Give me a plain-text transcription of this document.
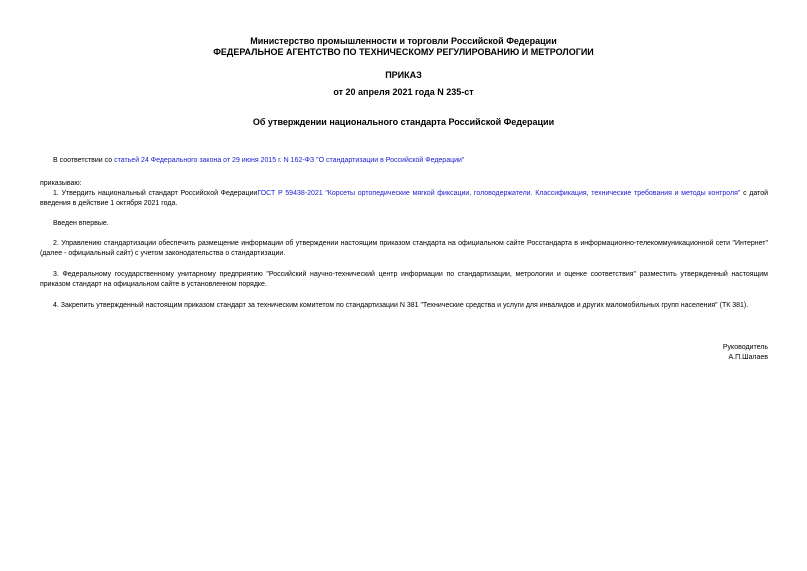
Министерство промышленности и торговли Российской Федерации
ФЕДЕРАЛЬНОЕ АГЕНТСТВО ПО ТЕХНИЧЕСКОМУ РЕГУЛИРОВАНИЮ И МЕТРОЛОГИИ
ПРИКАЗ
от 20 апреля 2021 года N 235-ст
Об утверждении национального стандарта Российской Федерации
В соответствии со статьей 24 Федерального закона от 29 июня 2015 г. N 162-ФЗ "О стандартизации в Российской Федерации"
приказываю:
1. Утвердить национальный стандарт Российской ФедерацииГОСТ Р 59438-2021 "Корсеты ортопедические мягкой фиксации, головодержатели. Классификация, технические требования и методы контроля" с датой введения в действие 1 октября 2021 года.
Введен впервые.
2. Управлению стандартизации обеспечить размещение информации об утверждении настоящим приказом стандарта на официальном сайте Росстандарта в информационно-телекоммуникационной сети "Интернет" (далее - официальный сайт) с учетом законодательства о стандартизации.
3. Федеральному государственному унитарному предприятию "Российский научно-технический центр информации по стандартизации, метрологии и оценке соответствия" разместить утвержденный настоящим приказом стандарт на официальном сайте в установленном порядке.
4. Закрепить утвержденный настоящим приказом стандарт за техническим комитетом по стандартизации N 381 "Технические средства и услуги для инвалидов и других маломобильных групп населения" (ТК 381).
Руководитель
А.П.Шалаев
